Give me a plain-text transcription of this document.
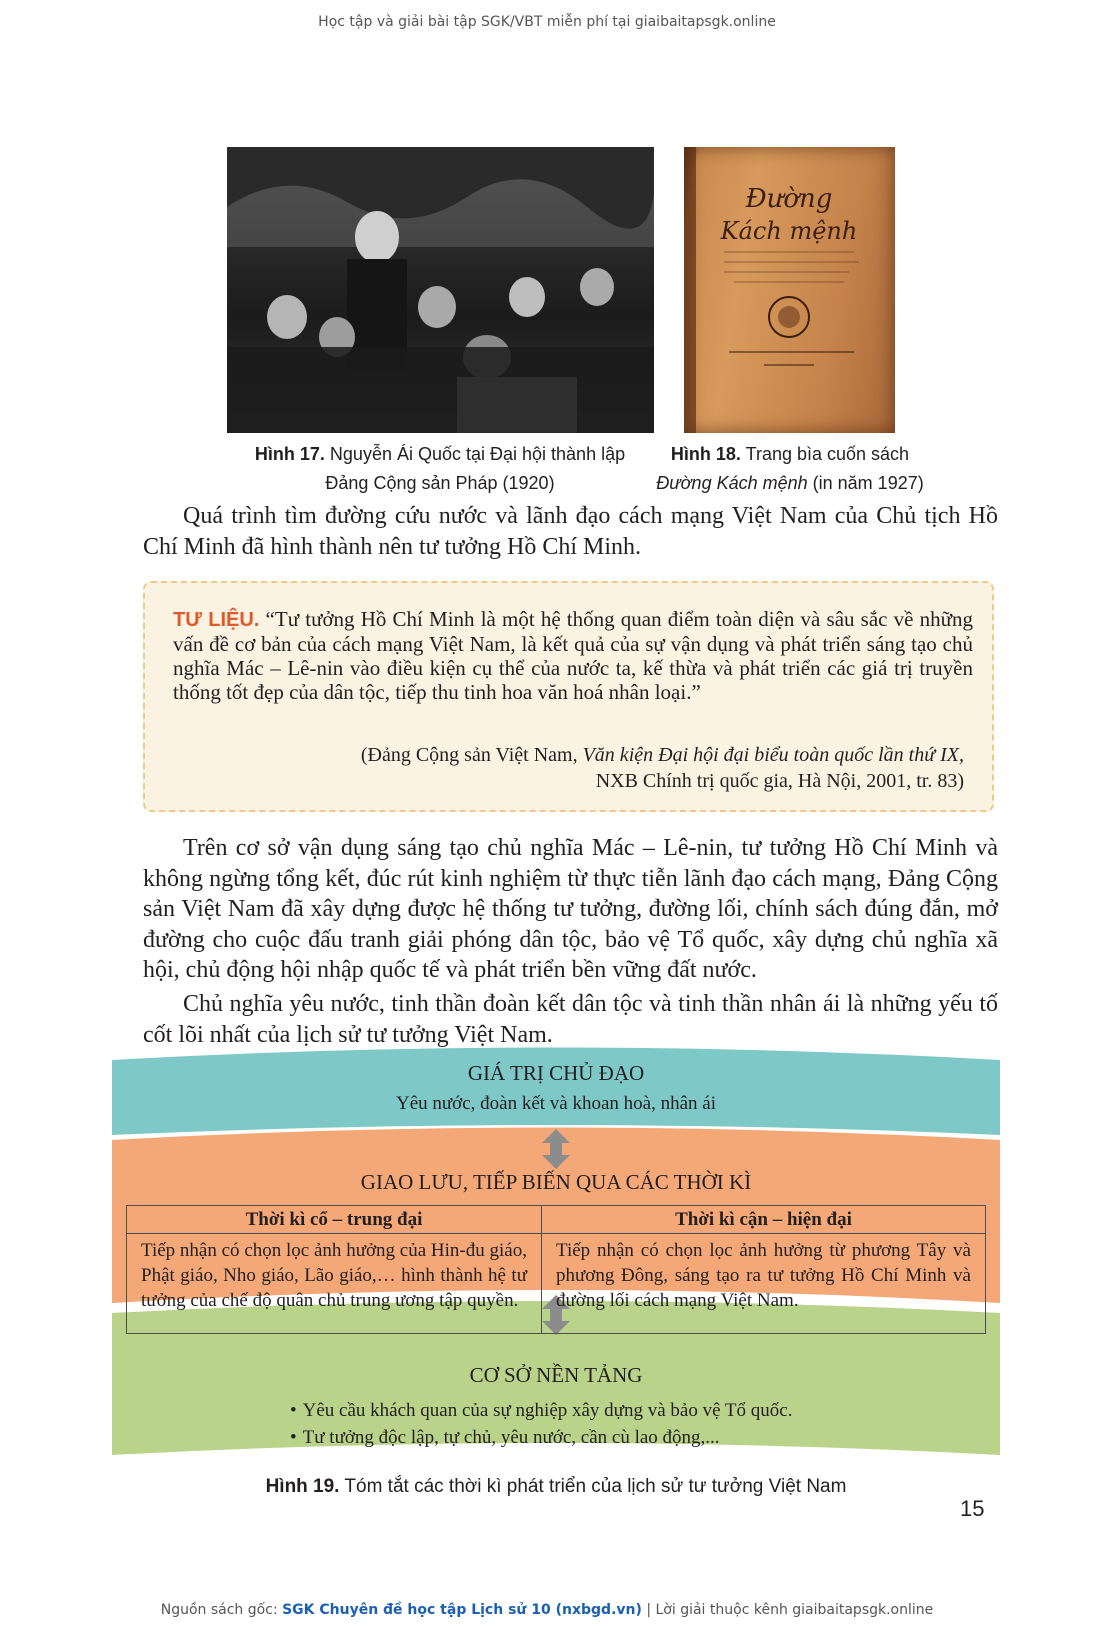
Học tập và giải bài tập SGK/VBT miễn phí tại giaibaitapsgk.online
Đường
Kách mệnh
Hình 17. Nguyễn Ái Quốc tại Đại hội thành lập
Đảng Cộng sản Pháp (1920)
Hình 18. Trang bìa cuốn sách
Đường Kách mệnh (in năm 1927)
Quá trình tìm đường cứu nước và lãnh đạo cách mạng Việt Nam của Chủ tịch Hồ Chí Minh đã hình thành nên tư tưởng Hồ Chí Minh.
TƯ LIỆU. “Tư tưởng Hồ Chí Minh là một hệ thống quan điểm toàn diện và sâu sắc về những vấn đề cơ bản của cách mạng Việt Nam, là kết quả của sự vận dụng và phát triển sáng tạo chủ nghĩa Mác – Lê-nin vào điều kiện cụ thể của nước ta, kế thừa và phát triển các giá trị truyền thống tốt đẹp của dân tộc, tiếp thu tinh hoa văn hoá nhân loại.”
(Đảng Cộng sản Việt Nam, Văn kiện Đại hội đại biểu toàn quốc lần thứ IX,
NXB Chính trị quốc gia, Hà Nội, 2001, tr. 83)
Trên cơ sở vận dụng sáng tạo chủ nghĩa Mác – Lê-nin, tư tưởng Hồ Chí Minh và không ngừng tổng kết, đúc rút kinh nghiệm từ thực tiễn lãnh đạo cách mạng, Đảng Cộng sản Việt Nam đã xây dựng được hệ thống tư tưởng, đường lối, chính sách đúng đắn, mở đường cho cuộc đấu tranh giải phóng dân tộc, bảo vệ Tổ quốc, xây dựng chủ nghĩa xã hội, chủ động hội nhập quốc tế và phát triển bền vững đất nước.
Chủ nghĩa yêu nước, tinh thần đoàn kết dân tộc và tinh thần nhân ái là những yếu tố cốt lõi nhất của lịch sử tư tưởng Việt Nam.
GIÁ TRỊ CHỦ ĐẠO
Yêu nước, đoàn kết và khoan hoà, nhân ái
GIAO LƯU, TIẾP BIẾN QUA CÁC THỜI KÌ
Thời kì cổ – trung đại
Tiếp nhận có chọn lọc ảnh hưởng của Hin-đu giáo, Phật giáo, Nho giáo, Lão giáo,… hình thành hệ tư tưởng của chế độ quân chủ trung ương tập quyền.
Thời kì cận – hiện đại
Tiếp nhận có chọn lọc ảnh hưởng từ phương Tây và phương Đông, sáng tạo ra tư tưởng Hồ Chí Minh và đường lối cách mạng Việt Nam.
CƠ SỞ NỀN TẢNG
• Yêu cầu khách quan của sự nghiệp xây dựng và bảo vệ Tổ quốc.
• Tư tưởng độc lập, tự chủ, yêu nước, cần cù lao động,...
Hình 19. Tóm tắt các thời kì phát triển của lịch sử tư tưởng Việt Nam
15
Nguồn sách gốc: SGK Chuyên đề học tập Lịch sử 10 (nxbgd.vn) | Lời giải thuộc kênh giaibaitapsgk.online
